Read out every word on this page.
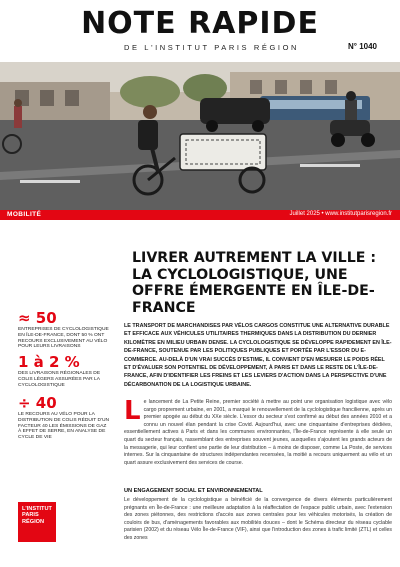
NOTE RAPIDE
DE L'INSTITUT PARIS RÉGION	N° 1040
MOBILITÉ	Juillet 2025 • www.institutparisregion.fr
≈ 50
ENTREPRISES DE CYCLOLOGISTIQUE EN ÎLE-DE-FRANCE, DONT 50 % ONT RECOURS EXCLUSIVEMENT AU VÉLO POUR LEURS LIVRAISONS
1 à 2 %
DES LIVRAISONS RÉGIONALES DE COLIS LÉGERS ASSURÉES PAR LA CYCLOLOGISTIQUE
÷ 40
LE RECOURS AU VÉLO POUR LA DISTRIBUTION DE COLIS RÉDUIT D'UN FACTEUR 40 LES ÉMISSIONS DE GAZ À EFFET DE SERRE, EN ANALYSE DE CYCLE DE VIE
L'INSTITUT
PARIS
RÉGION
LIVRER AUTREMENT LA VILLE : LA CYCLOLOGISTIQUE, UNE OFFRE ÉMERGENTE EN ÎLE-DE-FRANCE

LE TRANSPORT DE MARCHANDISES PAR VÉLOS CARGOS CONSTITUE UNE ALTERNATIVE DURABLE ET EFFICACE AUX VÉHICULES UTILITAIRES THERMIQUES DANS LA DISTRIBUTION DU DERNIER KILOMÈTRE EN MILIEU URBAIN DENSE. LA CYCLOLOGISTIQUE SE DÉVELOPPE RAPIDEMENT EN ÎLE-DE-FRANCE, SOUTENUE PAR LES POLITIQUES PUBLIQUES ET PORTÉE PAR L'ESSOR DU E-COMMERCE. AU-DELÀ D'UN VRAI SUCCÈS D'ESTIME, IL CONVIENT D'EN MESURER LE POIDS RÉEL ET D'ÉVALUER SON POTENTIEL DE DÉVELOPPEMENT, À PARIS ET DANS LE RESTE DE L'ÎLE-DE-FRANCE, AFIN D'IDENTIFIER LES FREINS ET LES LEVIERS D'ACTION DANS LA PERSPECTIVE D'UNE DÉCARBONATION DE LA LOGISTIQUE URBAINE.

Le lancement de La Petite Reine, premier société à mettre au point une organisation logistique avec vélo cargo proprement urbaine, en 2001, a marqué le renouvellement de la cyclologistique francilienne, après un premier apogée au début du XXe siècle. L'essor du secteur s'est confirmé au début des années 2010 et a connu un nouvel élan pendant la crise Covid. Aujourd'hui, avec une cinquantaine d'entreprises dédiées, essentiellement actives à Paris et dans les communes environnantes, l'Île-de-France représente à elle seule un quart du secteur français, rassemblant des entreprises souvent jeunes, auxquelles s'ajoutent les grands acteurs de la messagerie, qui leur confient une partie de leur distribution – à moins de disposer, comme La Poste, de services internes. Sur la cinquantaine de structures indépendantes recensées, la moitié a recours uniquement au vélo et un quart assure exclusivement des services de course.
UN ENGAGEMENT SOCIAL ET ENVIRONNEMENTAL

Le développement de la cyclologistique a bénéficié de la convergence de divers éléments particulièrement prégnants en Île-de-France : une meilleure adaptation à la réaffectation de l'espace public urbain, avec l'extension des zones piétonnes, des restrictions d'accès aux zones centrales pour les véhicules motorisés, la création de couloirs de bus, d'aménagements favorables aux mobilités douces – dont le Schéma directeur du réseau cyclable parisien (2002) et du réseau Vélo Île-de-France (VIF), ainsi que l'introduction des zones à trafic limité (ZTL) et celles des zones
